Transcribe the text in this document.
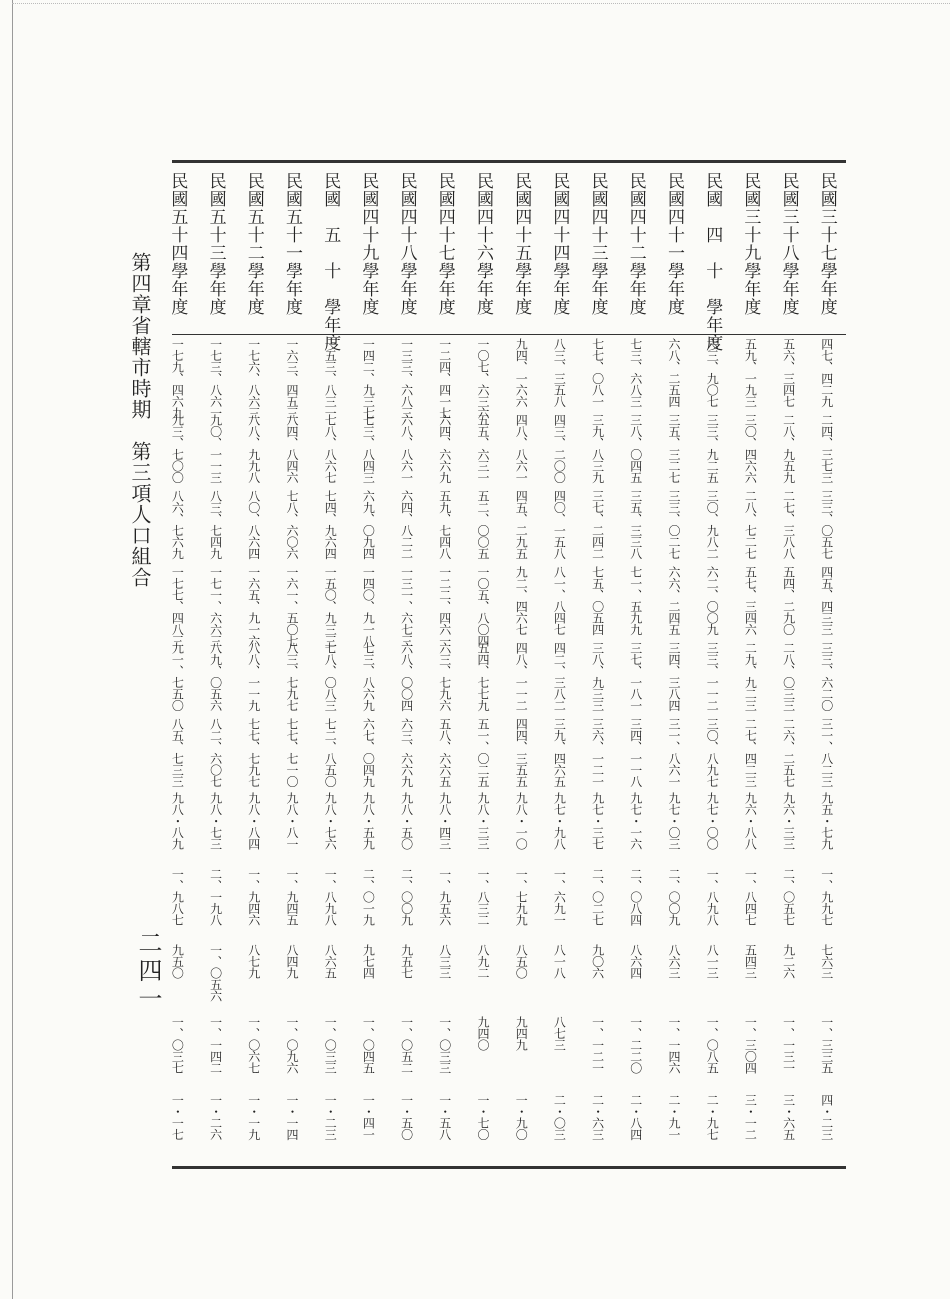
第四章省轄市時期　第三項人口組合
二四一
民國三十七學年度
四七、四二九
二四、三七三
三三、〇五七
四五、四三三
三三、六二〇
三一、八二三
九五・七九
一、九九七
七六三
一、三三五
四・二三
民國三十八學年度
五六、三四七
二八、九五九
二七、三八八
五四、二九〇
二八、〇三三
二六、二五七
九六・三三
二、〇五七
九二六
一、一三一
三・六五
民國三十九學年度
五九、一九三
三〇、四六六
二八、七二七
五七、三四六
二九、九二三
二七、四二三
九六・八八
一、八四七
五四三
一、三〇四
三・一二
民國　四　十　學年度
六三、九〇七
三三、九二五
三〇、九八二
六二、〇〇九
三三、一一二
三〇、八九七
九七・〇〇
一、八九八
八一三
一、〇八五
二・九七
民國四十一學年度
六八、二五四
三五、三二七
三三、〇二七
六六、二四五
三四、三八四
三一、八六一
九七・〇三
二、〇〇九
八六三
一、一四六
二・九一
民國四十二學年度
七三、六八三
三八、〇四五
三五、三三八
七一、五九九
三七、一八一
三四、一一八
九七・一六
二、〇八四
八六四
一、二二〇
二・八四
民國四十三學年度
七七、〇八一
三九、八三九
三七、二四二
七五、〇五四
三八、九三三
三六、一二一
九七・三七
二、〇二七
九〇六
一、一二一
二・六三
民國四十四學年度
八三、三五八
四三、二〇〇
四〇、一五八
八一、八四七
四二、三八二
三九、四六五
九七・九八
一、六九一
八一八
八七三
二・〇三
民國四十五學年度
九四、一六六
四八、八六一
四五、二九五
九二、四六七
四八、一一二
四四、三五五
九八・一〇
一、七九九
八五〇
九四九
一・九〇
民國四十六學年度
一〇七、六三六
五五、六三一
五二、〇〇五
一〇五、八〇四
五四、七七九
五一、〇二五
九八・三三
一、八三二
八九二
九四〇
一・七〇
民國四十七學年度
一二四、四一七
六四、六六九
五九、七四八
一二二、四六一
六三、七九六
五八、六六五
九八・四三
一、九五六
八三三
一、〇三三
一・五八
民國四十八學年度
一三三、六八三
六八、八六一
六四、八二二
一三一、六七三
六八、〇〇四
六三、六六九
九八・五〇
二、〇〇九
九五七
一、〇五二
一・五〇
民國四十九學年度
一四二、九三七
七三、八四三
六九、〇九四
一四〇、九一八
七三、八六九
六七、〇四九
九八・五九
二、〇一九
九七四
一、〇四五
一・四一
民國　五　十　學年度
一五三、八三一
七八、八六七
七四、九六四
一五〇、九三三
七八、〇八三
七二、八五〇
九八・七六
一、八九八
八六五
一、〇三三
一・二三
民國五十一學年度
一六三、四五三
八四、八四六
七八、六〇六
一六一、五〇七
八三、七九七
七七、七一〇
九八・八一
一、九四五
八四九
一、〇九六
一・一四
民國五十二學年度
一七六、八六三
八八、九九八
八〇、八六四
一六五、九一六
八八、一一九
七七、七九七
九八・八四
一、九四六
八七九
一、〇六七
一・一九
民國五十三學年度
一七三、八六一
九〇、一一三
八三、七四九
一七一、六六三
八九、〇五六
八二、六〇七
九八・七三
二、一九八
一、〇五六
一、一四二
一・二六
民國五十四學年度
一七九、四六九
九三、七〇〇
八六、七六九
一七七、四八三
九一、七五〇
八五、七三三
九八・八九
一、九八七
九五〇
一、〇三七
一・一七
